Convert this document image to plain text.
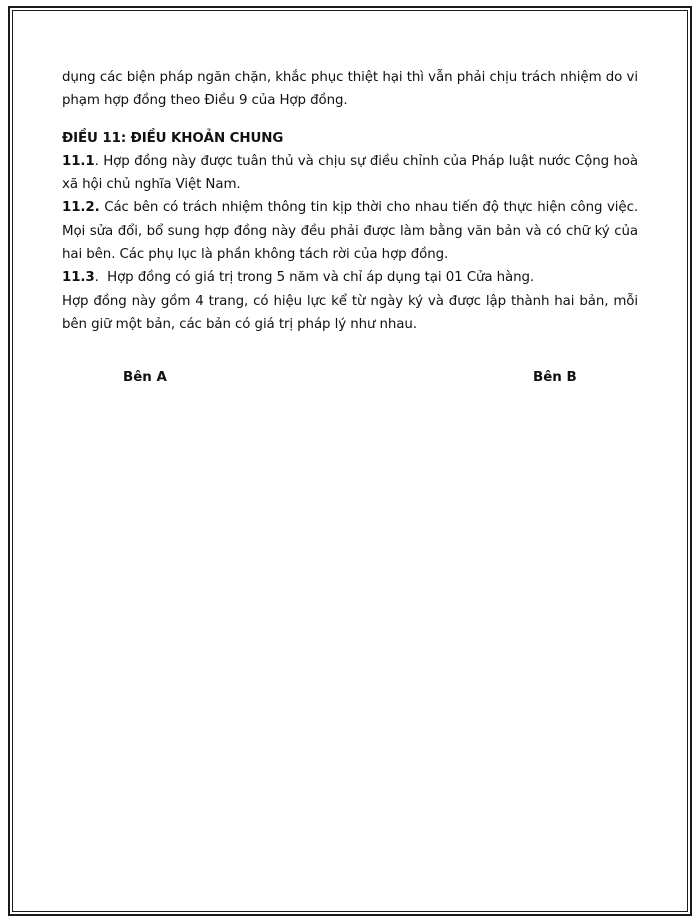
dụng các biện pháp ngăn chặn, khắc phục thiệt hại thì vẫn phải chịu trách nhiệm do vi phạm hợp đồng theo Điều 9 của Hợp đồng.

ĐIỀU 11: ĐIỀU KHOẢN CHUNG

11.1. Hợp đồng này được tuân thủ và chịu sự điều chỉnh của Pháp luật nước Cộng hoà xã hội chủ nghĩa Việt Nam.

11.2. Các bên có trách nhiệm thông tin kịp thời cho nhau tiến độ thực hiện công việc. Mọi sửa đổi, bổ sung hợp đồng này đều phải được làm bằng văn bản và có chữ ký của hai bên. Các phụ lục là phần không tách rời của hợp đồng.

11.3.  Hợp đồng có giá trị trong 5 năm và chỉ áp dụng tại 01 Cửa hàng.

Hợp đồng này gồm 4 trang, có hiệu lực kể từ ngày ký và được lập thành hai bản, mỗi bên giữ một bản, các bản có giá trị pháp lý như nhau.

Bên A	Bên B
